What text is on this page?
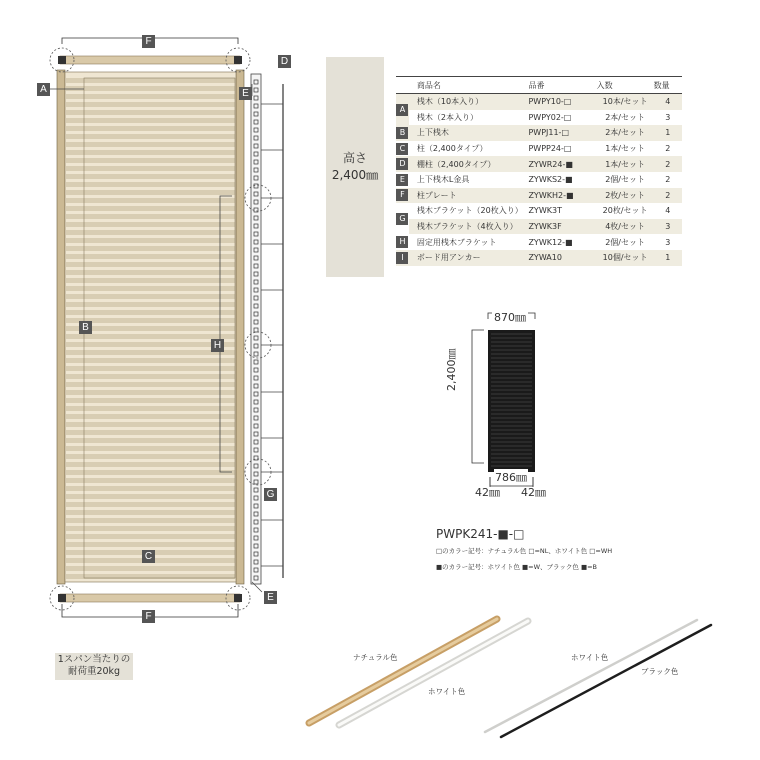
A
B
C
D
E
E
F
F
G
H
高さ
2,400㎜
	商品名	品番	入数	数量
A	桟木（10本入り）	PWPY10-□	10本/セット	4
	桟木（2本入り）	PWPY02-□	2本/セット	3
B	上下桟木	PWPJ11-□	2本/セット	1
C	柱（2,400タイプ）	PWPP24-□	1本/セット	2
D	棚柱（2,400タイプ）	ZYWR24-■	1本/セット	2
E	上下桟木L金具	ZYWKS2-■	2個/セット	2
F	柱プレート	ZYWKH2-■	2枚/セット	2
G	桟木ブラケット（20枚入り）	ZYWK3T	20枚/セット	4
	桟木ブラケット（4枚入り）	ZYWK3F	4枚/セット	3
H	固定用桟木ブラケット	ZYWK12-■	2個/セット	3
I	ボード用アンカー	ZYWA10	10個/セット	1
870㎜
2,400㎜
786㎜
42㎜ 42㎜
PWPK241-■-□
□のカラー記号：ナチュラル色 □=NL、ホワイト色 □=WH
■のカラー記号：ホワイト色 ■=W、ブラック色 ■=B
1スパン当たりの
耐荷重20kg
ナチュラル色
ホワイト色
ホワイト色
ブラック色
